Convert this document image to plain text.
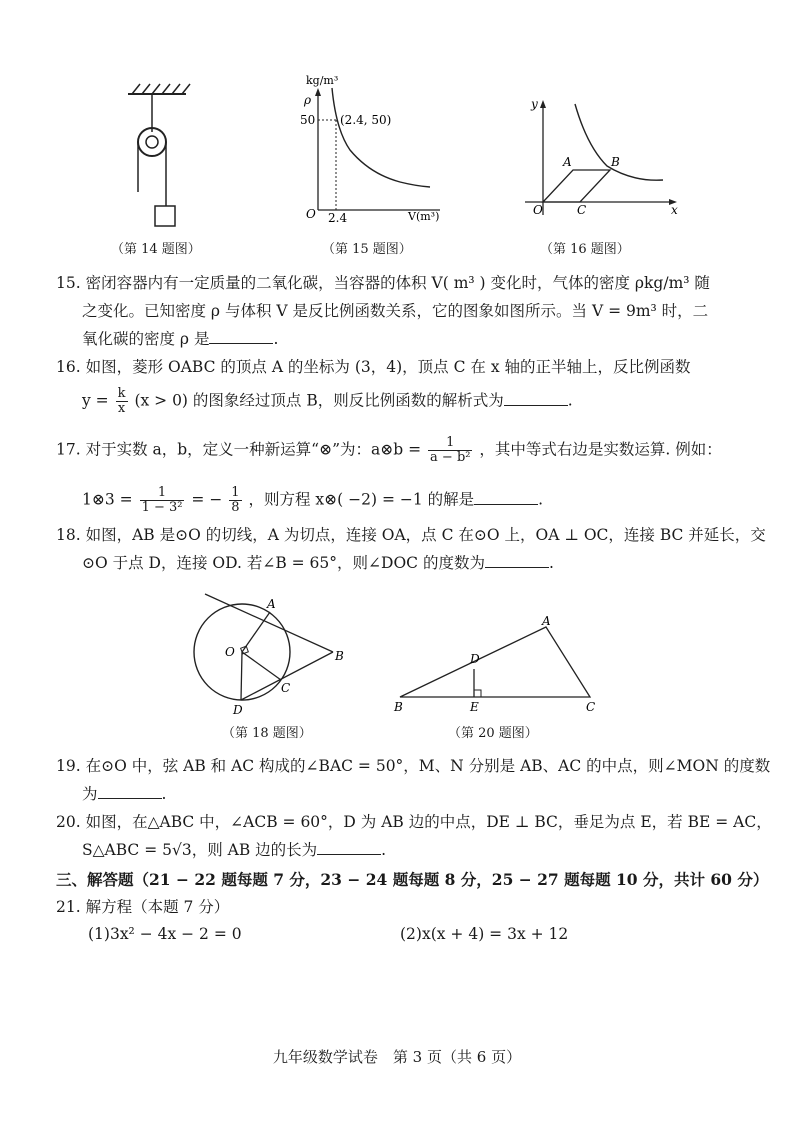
（第 14 题图）
kg/m³
ρ
O
50
2.4
(2.4, 50)
V(m³)
（第 15 题图）
y
x
O
A	B
C
（第 16 题图）
15. 密闭容器内有一定质量的二氧化碳，当容器的体积 V( m³ ) 变化时，气体的密度 ρkg/m³ 随
之变化。已知密度 ρ 与体积 V 是反比例函数关系，它的图象如图所示。当 V = 9m³ 时，二
氧化碳的密度 ρ 是	.
16. 如图，菱形 OABC 的顶点 A 的坐标为 (3，4)，顶点 C 在 x 轴的正半轴上，反比例函数
$y = \frac{k}{x} (x > 0)$ 的图象经过顶点 B，则反比例函数的解析式为	.
17. 对于实数 a，b，定义一种新运算“⊗”为：a⊗b = $\frac{1}{\text{a − b²}}$ ，其中等式右边是实数运算. 例如：
1⊗3 = $\frac{1}{\text{1 − 3²}}$ = − $\frac{1}{8}$ ，则方程 x⊗( −2) = −1 的解是	.
18. 如图，AB 是⊙O 的切线，A 为切点，连接 OA，点 C 在⊙O 上，OA ⊥ OC，连接 BC 并延长，交
⊙O 于点 D，连接 OD. 若∠B = 65°，则∠DOC 的度数为	.
A
B
C
D
O
（第 18 题图）
A
B	C
D
E
（第 20 题图）
19. 在⊙O 中，弦 AB 和 AC 构成的∠BAC = 50°，M、N 分别是 AB、AC 的中点，则∠MON 的度数
为	.
20. 如图，在△ABC 中，∠ACB = 60°，D 为 AB 边的中点，DE ⊥ BC，垂足为点 E，若 BE = AC，
S△ABC = 5√3，则 AB 边的长为	.
三、解答题（21 − 22 题每题 7 分，23 − 24 题每题 8 分，25 − 27 题每题 10 分，共计 60 分）
21. 解方程（本题 7 分）
(1)3x² − 4x − 2 = 0	(2)x(x + 4) = 3x + 12
九年级数学试卷　第 3 页（共 6 页）
